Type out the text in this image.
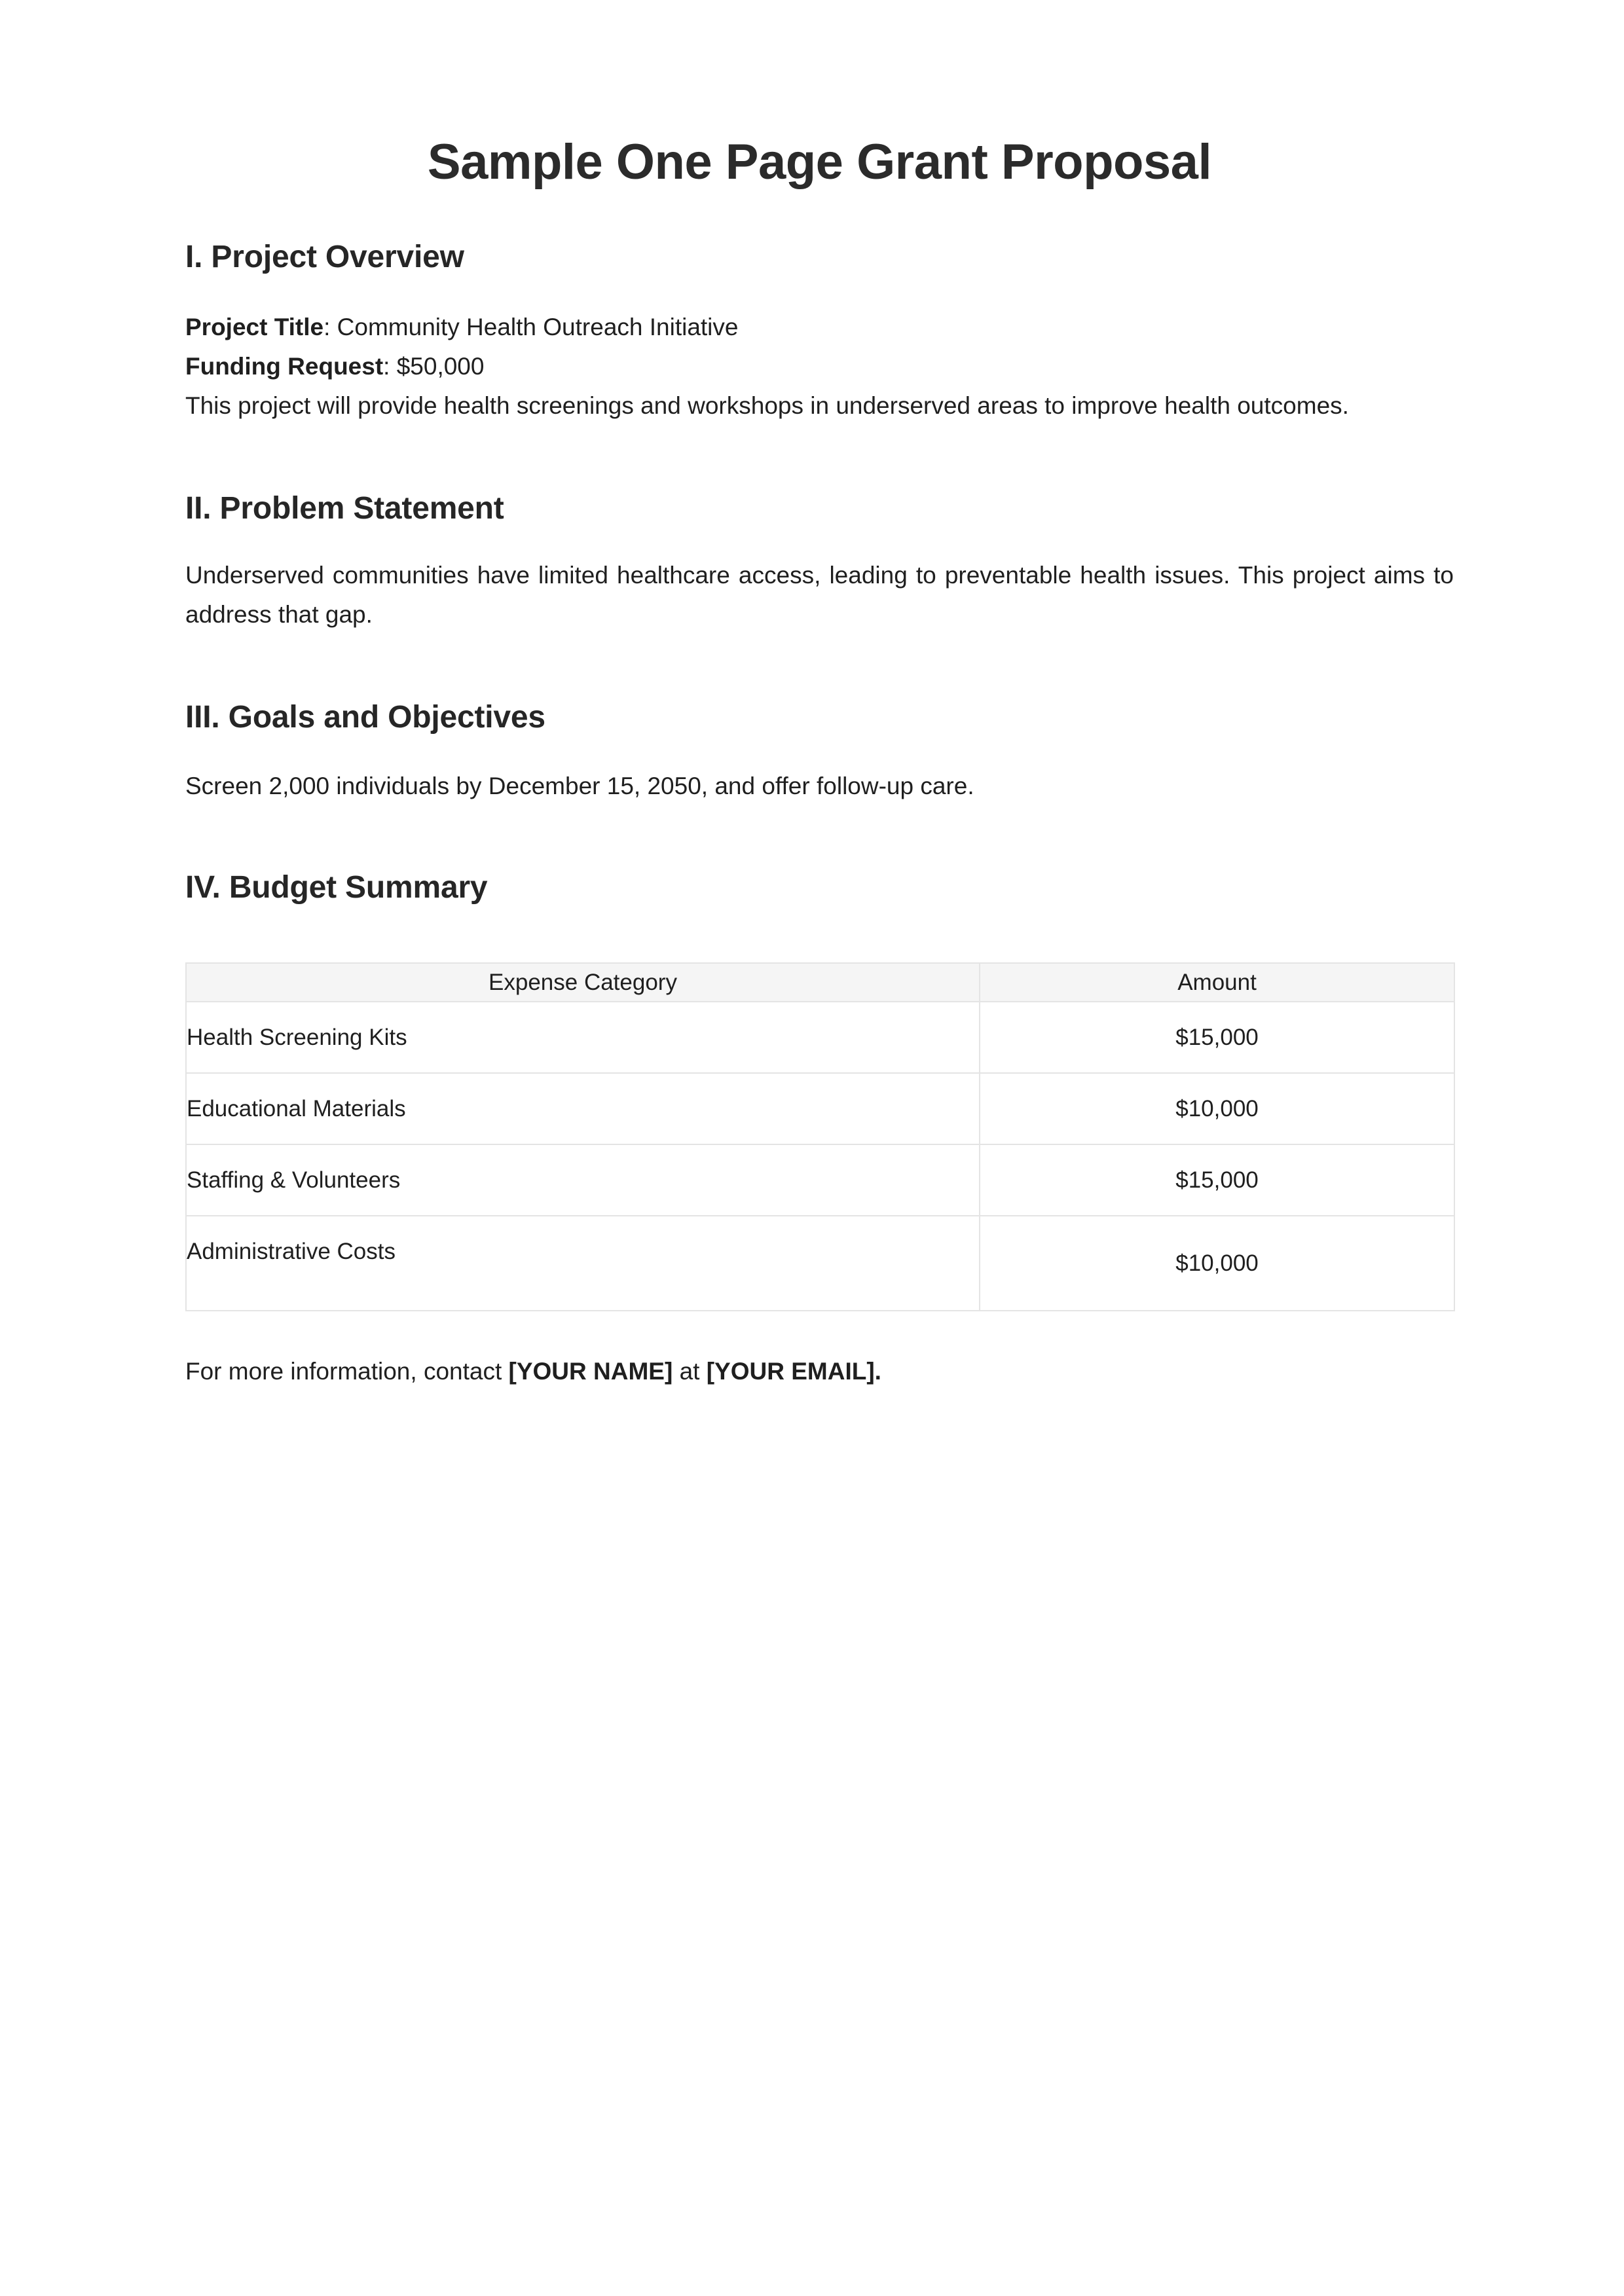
Sample One Page Grant Proposal
I. Project Overview

Project Title: Community Health Outreach Initiative

Funding Request: $50,000

This project will provide health screenings and workshops in underserved areas to improve health outcomes.

II. Problem Statement

Underserved communities have limited healthcare access, leading to preventable health issues. This project aims to address that gap.

III. Goals and Objectives

Screen 2,000 individuals by December 15, 2050, and offer follow-up care.

IV. Budget Summary
Expense Category	Amount
Health Screening Kits	$15,000
Educational Materials	$10,000
Staffing & Volunteers	$15,000
Administrative Costs	$10,000

For more information, contact [YOUR NAME] at [YOUR EMAIL].
